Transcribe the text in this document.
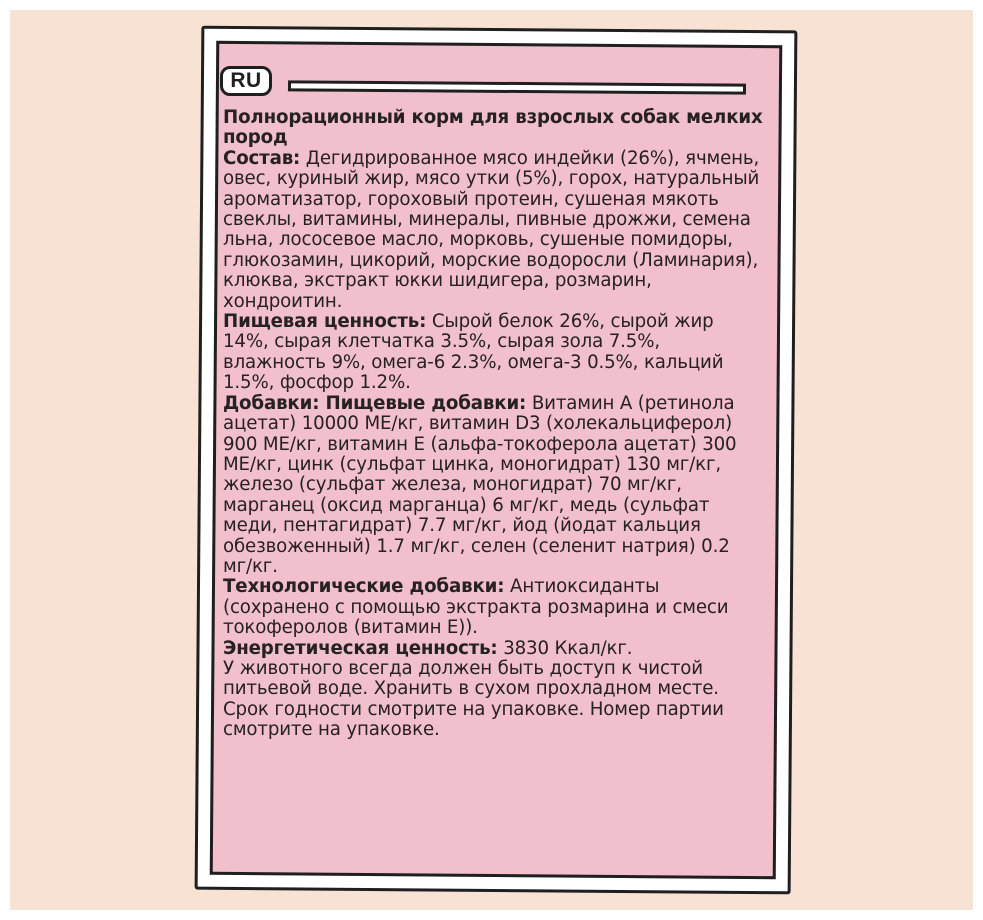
RU

Полнорационный корм для взрослых собак мелких пород

Состав: Дегидрированное мясо индейки (26%), ячмень, овес, куриный жир, мясо утки (5%), горох, натуральный ароматизатор, гороховый протеин, сушеная мякоть свеклы, витамины, минералы, пивные дрожжи, семена льна, лососевое масло, морковь, сушеные помидоры, глюкозамин, цикорий, морские водоросли (Ламинария), клюква, экстракт юкки шидигера, розмарин, хондроитин.

Пищевая ценность: Сырой белок 26%, сырой жир 14%, сырая клетчатка 3.5%, сырая зола 7.5%, влажность 9%, омега-6 2.3%, омега-3 0.5%, кальций 1.5%, фосфор 1.2%.

Добавки: Пищевые добавки: Витамин А (ретинола ацетат) 10000 МЕ/кг, витамин D3 (холекальциферол) 900 МЕ/кг, витамин Е (альфа-токоферола ацетат) 300 МЕ/кг, цинк (сульфат цинка, моногидрат) 130 мг/кг, железо (сульфат железа, моногидрат) 70 мг/кг, марганец (оксид марганца) 6 мг/кг, медь (сульфат меди, пентагидрат) 7.7 мг/кг, йод (йодат кальция обезвоженный) 1.7 мг/кг, селен (селенит натрия) 0.2 мг/кг.

Технологические добавки: Антиоксиданты (сохранено с помощью экстракта розмарина и смеси токоферолов (витамин Е)).

Энергетическая ценность: 3830 Ккал/кг.

У животного всегда должен быть доступ к чистой питьевой воде. Хранить в сухом прохладном месте. Срок годности смотрите на упаковке. Номер партии смотрите на упаковке.
